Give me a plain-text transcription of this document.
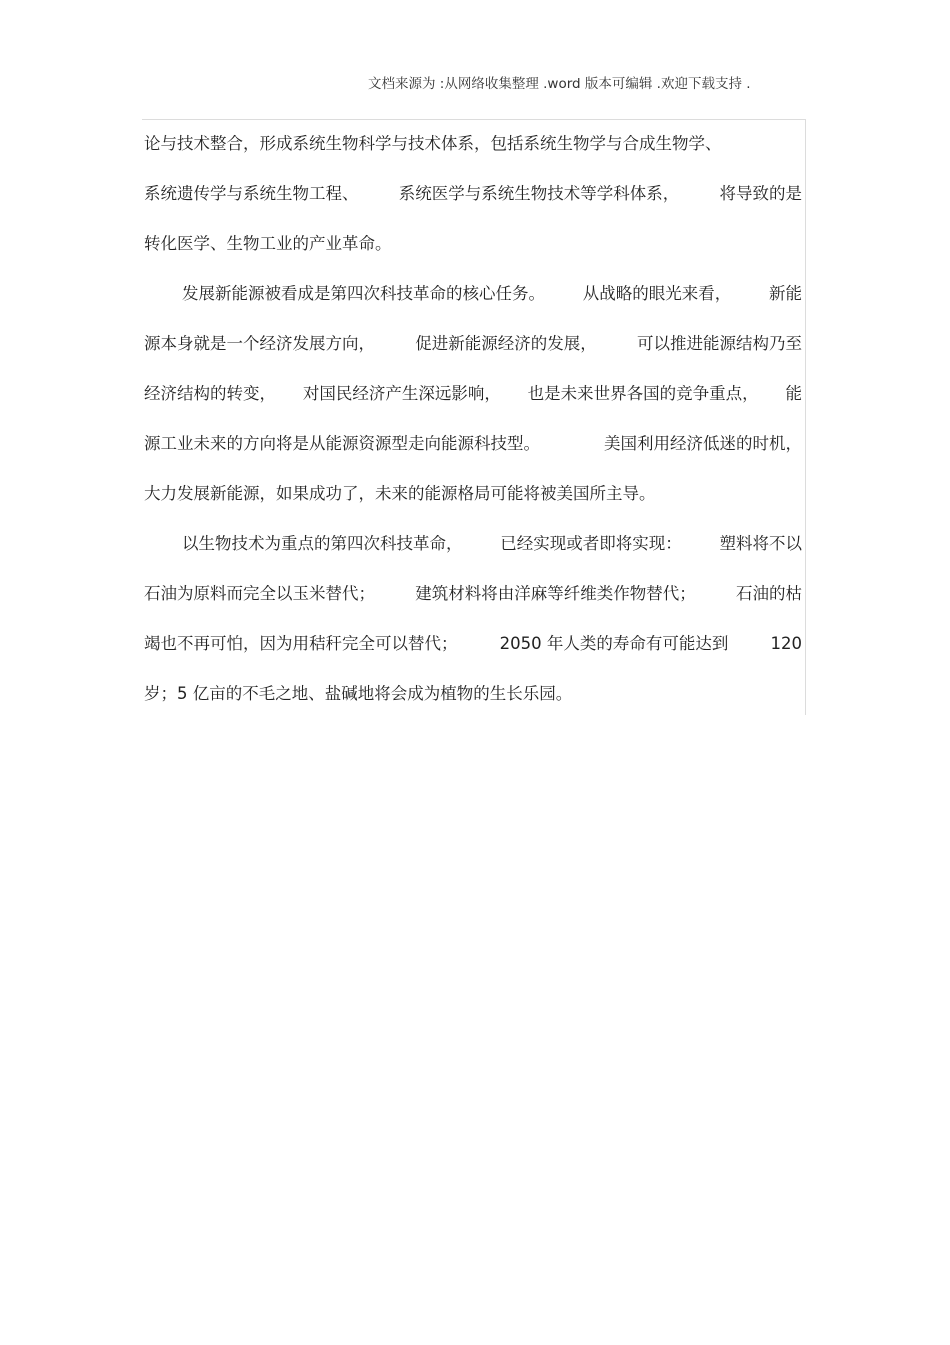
文档来源为 :从网络收集整理 .word 版本可编辑 .欢迎下载支持 .
论与技术整合，形成系统生物科学与技术体系，包括系统生物学与合成生物学、
系统遗传学与系统生物工程、 系统医学与系统生物技术等学科体系， 将导致的是
转化医学、生物工业的产业革命。
发展新能源被看成是第四次科技革命的核心任务。 从战略的眼光来看， 新能
源本身就是一个经济发展方向， 促进新能源经济的发展， 可以推进能源结构乃至
经济结构的转变， 对国民经济产生深远影响， 也是未来世界各国的竞争重点， 能
源工业未来的方向将是从能源资源型走向能源科技型。	美国利用经济低迷的时机，
大力发展新能源，如果成功了，未来的能源格局可能将被美国所主导。
以生物技术为重点的第四次科技革命， 已经实现或者即将实现： 塑料将不以
石油为原料而完全以玉米替代； 建筑材料将由洋麻等纤维类作物替代； 石油的枯
竭也不再可怕，因为用秸秆完全可以替代；	2050 年人类的寿命有可能达到	120
岁；5 亿亩的不毛之地、盐碱地将会成为植物的生长乐园。
